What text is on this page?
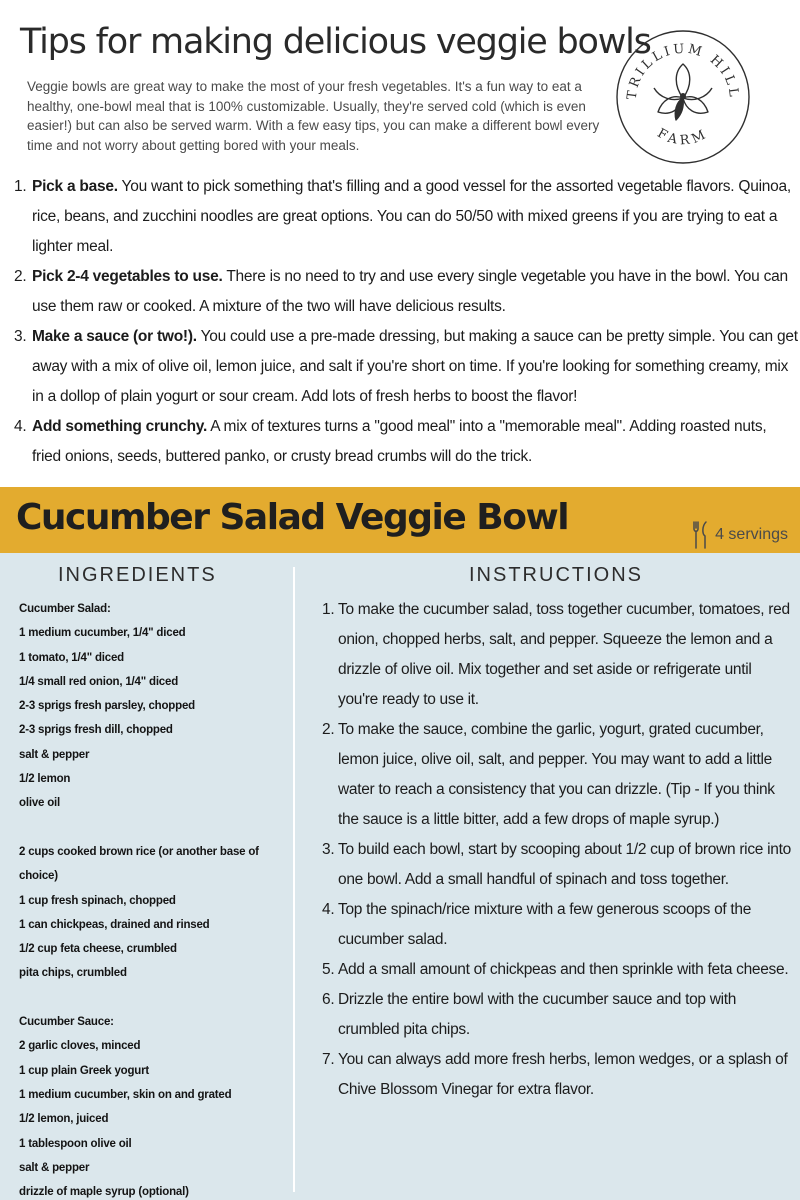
Tips for making delicious veggie bowls

Veggie bowls are great way to make the most of your fresh vegetables. It's a fun way to eat a healthy, one-bowl meal that is 100% customizable. Usually, they're served cold (which is even easier!) but can also be served warm. With a few easy tips, you can make a different bowl every time and not worry about getting bored with your meals.

TRILLIUM HILL
FARM
1. Pick a base. You want to pick something that's filling and a good vessel for the assorted vegetable flavors. Quinoa, rice, beans, and zucchini noodles are great options. You can do 50/50 with mixed greens if you are trying to eat a lighter meal.
2. Pick 2-4 vegetables to use. There is no need to try and use every single vegetable you have in the bowl. You can use them raw or cooked. A mixture of the two will have delicious results.
3. Make a sauce (or two!). You could use a pre-made dressing, but making a sauce can be pretty simple. You can get away with a mix of olive oil, lemon juice, and salt if you're short on time. If you're looking for something creamy, mix in a dollop of plain yogurt or sour cream. Add lots of fresh herbs to boost the flavor!
4. Add something crunchy. A mix of textures turns a "good meal" into a "memorable meal". Adding roasted nuts, fried onions, seeds, buttered panko, or crusty bread crumbs will do the trick.
Cucumber Salad Veggie Bowl	4 servings
INGREDIENTS	INSTRUCTIONS
Cucumber Salad:
1 medium cucumber, 1/4" diced
1 tomato, 1/4" diced
1/4 small red onion, 1/4" diced
2-3 sprigs fresh parsley, chopped
2-3 sprigs fresh dill, chopped
salt & pepper
1/2 lemon
olive oil
2 cups cooked brown rice (or another base of
choice)
1 cup fresh spinach, chopped
1 can chickpeas, drained and rinsed
1/2 cup feta cheese, crumbled
pita chips, crumbled
Cucumber Sauce:
2 garlic cloves, minced
1 cup plain Greek yogurt
1 medium cucumber, skin on and grated
1/2 lemon, juiced
1 tablespoon olive oil
salt & pepper
drizzle of maple syrup (optional)
1. To make the cucumber salad, toss together cucumber, tomatoes, red onion, chopped herbs, salt, and pepper. Squeeze the lemon and a drizzle of olive oil. Mix together and set aside or refrigerate until you're ready to use it.
2. To make the sauce, combine the garlic, yogurt, grated cucumber, lemon juice, olive oil, salt, and pepper. You may want to add a little water to reach a consistency that you can drizzle. (Tip - If you think the sauce is a little bitter, add a few drops of maple syrup.)
3. To build each bowl, start by scooping about 1/2 cup of brown rice into one bowl. Add a small handful of spinach and toss together.
4. Top the spinach/rice mixture with a few generous scoops of the cucumber salad.
5. Add a small amount of chickpeas and then sprinkle with feta cheese.
6. Drizzle the entire bowl with the cucumber sauce and top with crumbled pita chips.
7. You can always add more fresh herbs, lemon wedges, or a splash of Chive Blossom Vinegar for extra flavor.
